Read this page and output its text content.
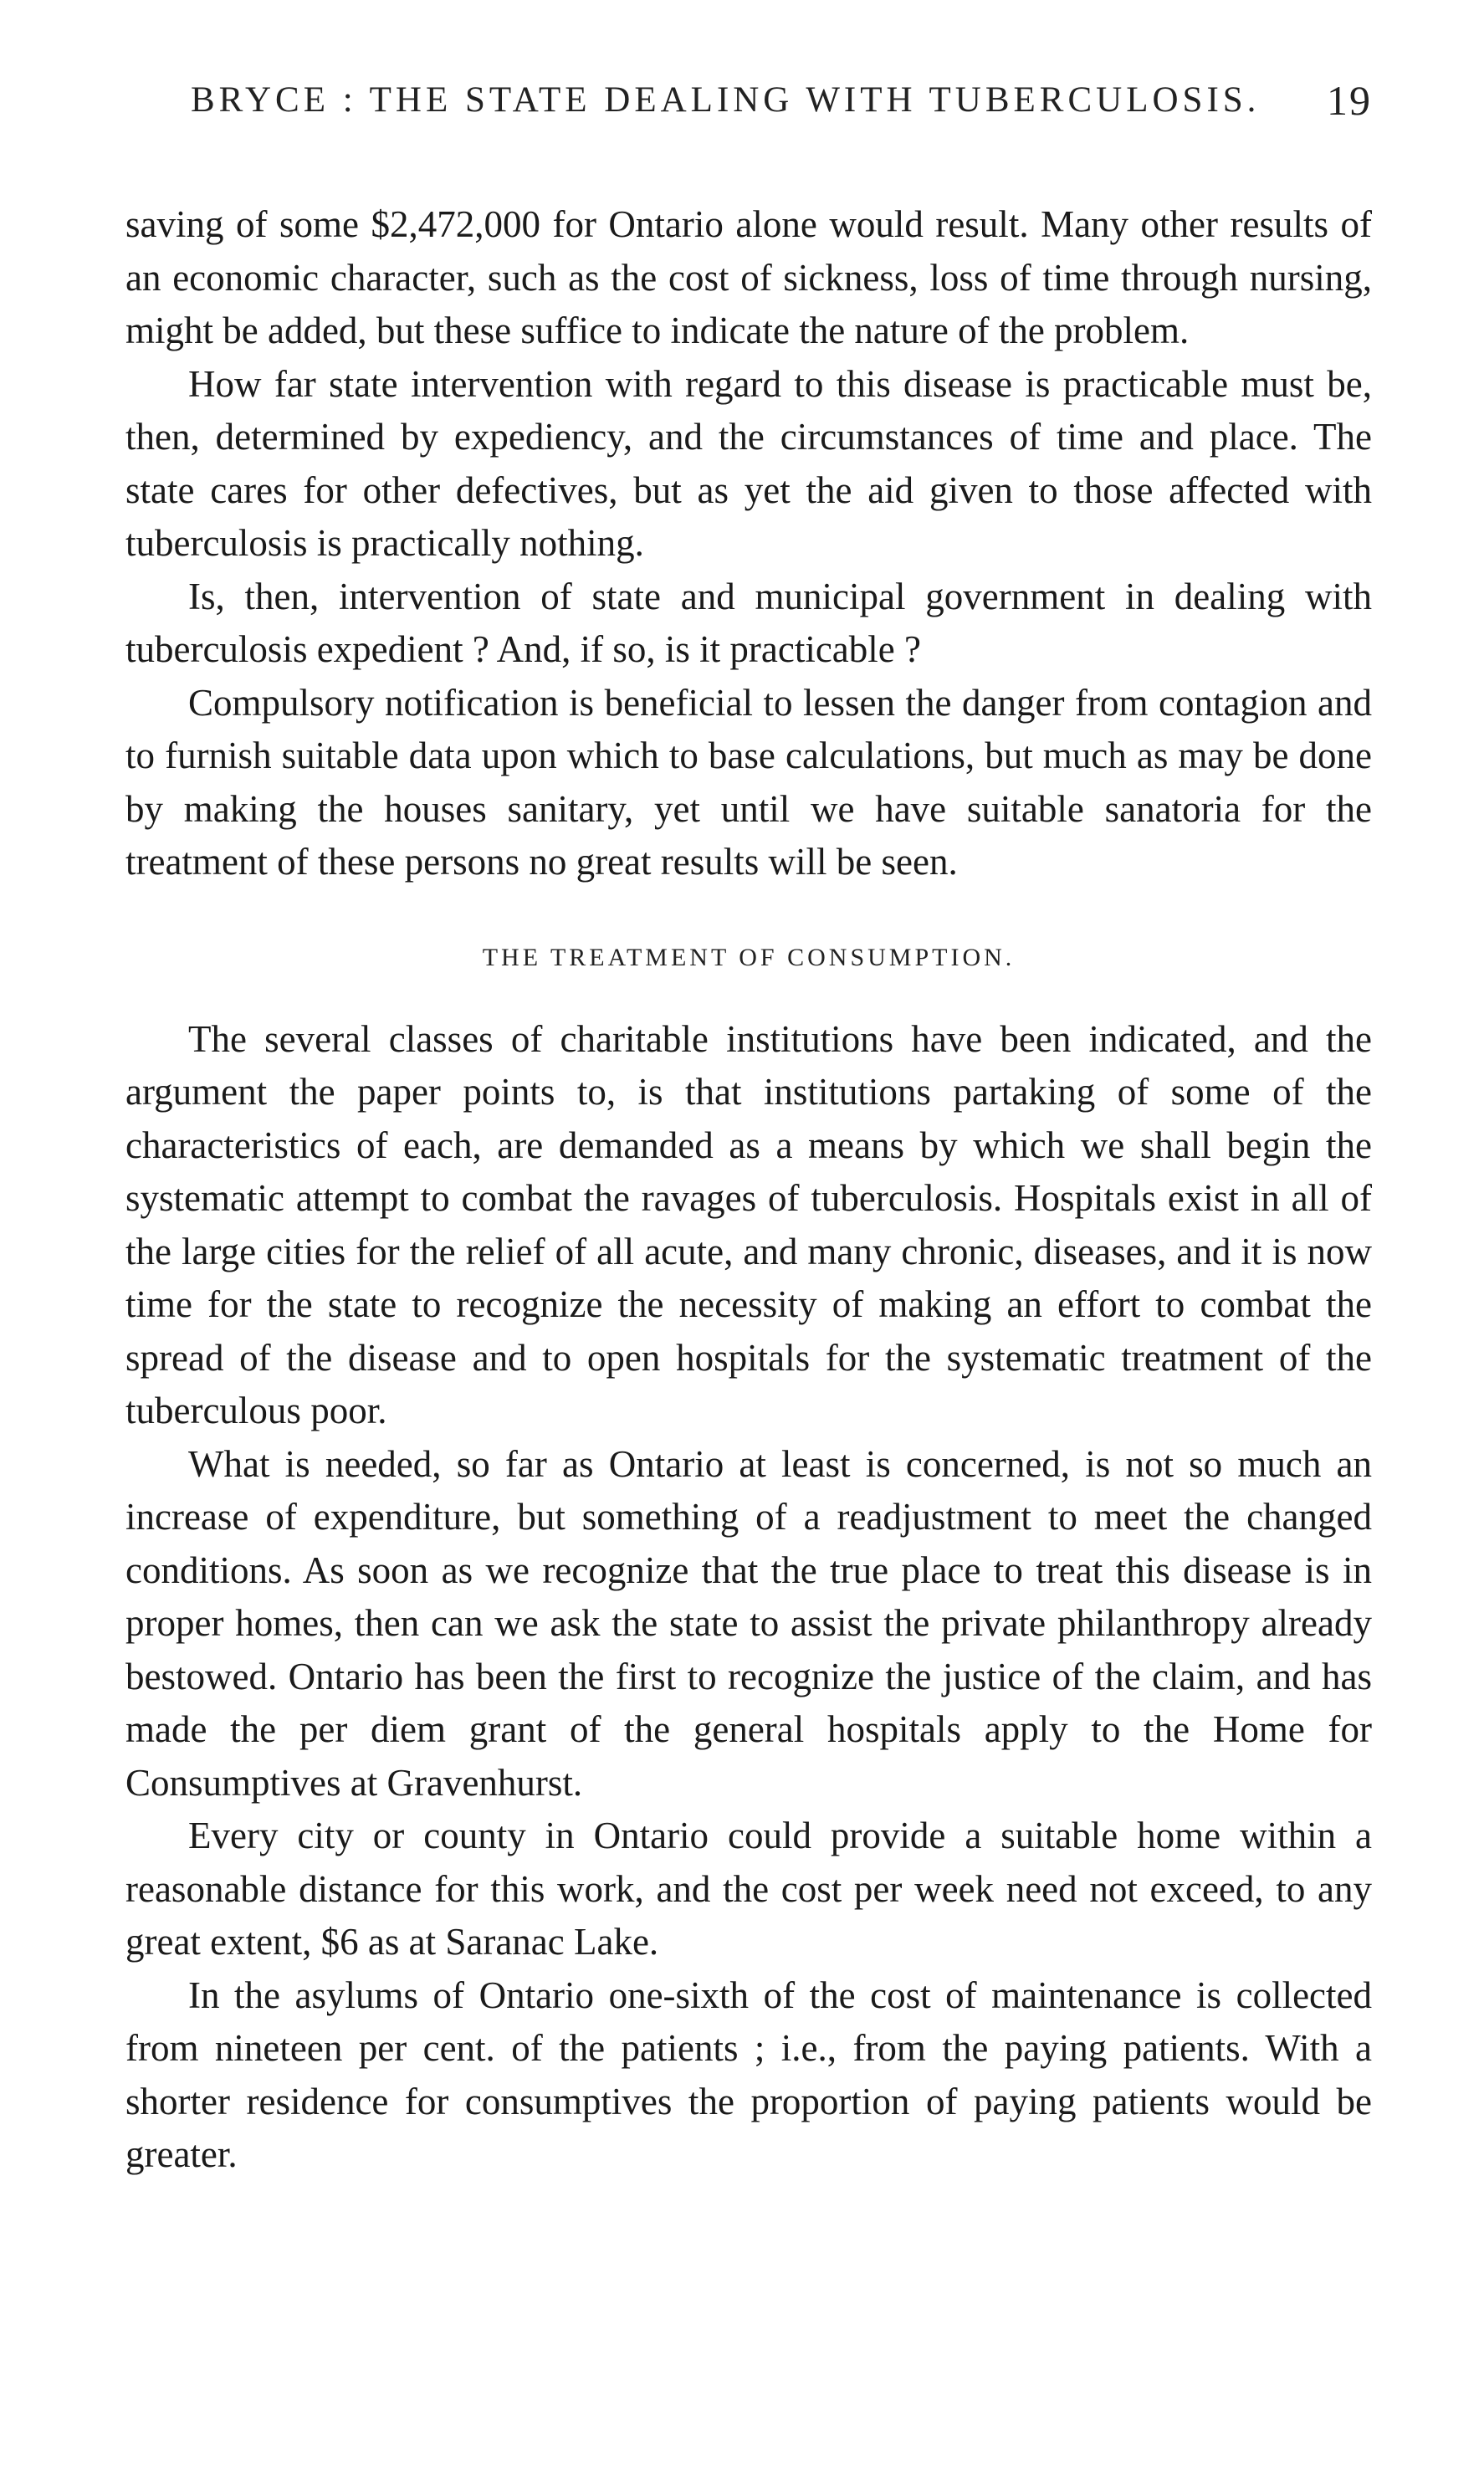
BRYCE : THE STATE DEALING WITH TUBERCULOSIS. 19

saving of some $2,472,000 for Ontario alone would result. Many other results of an economic character, such as the cost of sickness, loss of time through nursing, might be added, but these suffice to indicate the nature of the problem.

How far state intervention with regard to this disease is practicable must be, then, determined by expediency, and the circumstances of time and place. The state cares for other defectives, but as yet the aid given to those affected with tuberculosis is practically nothing.

Is, then, intervention of state and municipal government in dealing with tuberculosis expedient ? And, if so, is it practicable ?

Compulsory notification is beneficial to lessen the danger from contagion and to furnish suitable data upon which to base calculations, but much as may be done by making the houses sanitary, yet until we have suitable sanatoria for the treatment of these persons no great results will be seen.

THE TREATMENT OF CONSUMPTION.

The several classes of charitable institutions have been indicated, and the argument the paper points to, is that institutions partaking of some of the characteristics of each, are demanded as a means by which we shall begin the systematic attempt to combat the ravages of tuberculosis. Hospitals exist in all of the large cities for the relief of all acute, and many chronic, diseases, and it is now time for the state to recognize the necessity of making an effort to combat the spread of the disease and to open hospitals for the systematic treatment of the tuberculous poor.

What is needed, so far as Ontario at least is concerned, is not so much an increase of expenditure, but something of a readjustment to meet the changed conditions. As soon as we recognize that the true place to treat this disease is in proper homes, then can we ask the state to assist the private philanthropy already bestowed. Ontario has been the first to recognize the justice of the claim, and has made the per diem grant of the general hospitals apply to the Home for Consumptives at Gravenhurst.

Every city or county in Ontario could provide a suitable home within a reasonable distance for this work, and the cost per week need not exceed, to any great extent, $6 as at Saranac Lake.

In the asylums of Ontario one-sixth of the cost of maintenance is collected from nineteen per cent. of the patients ; i.e., from the paying patients. With a shorter residence for consumptives the proportion of paying patients would be greater.
